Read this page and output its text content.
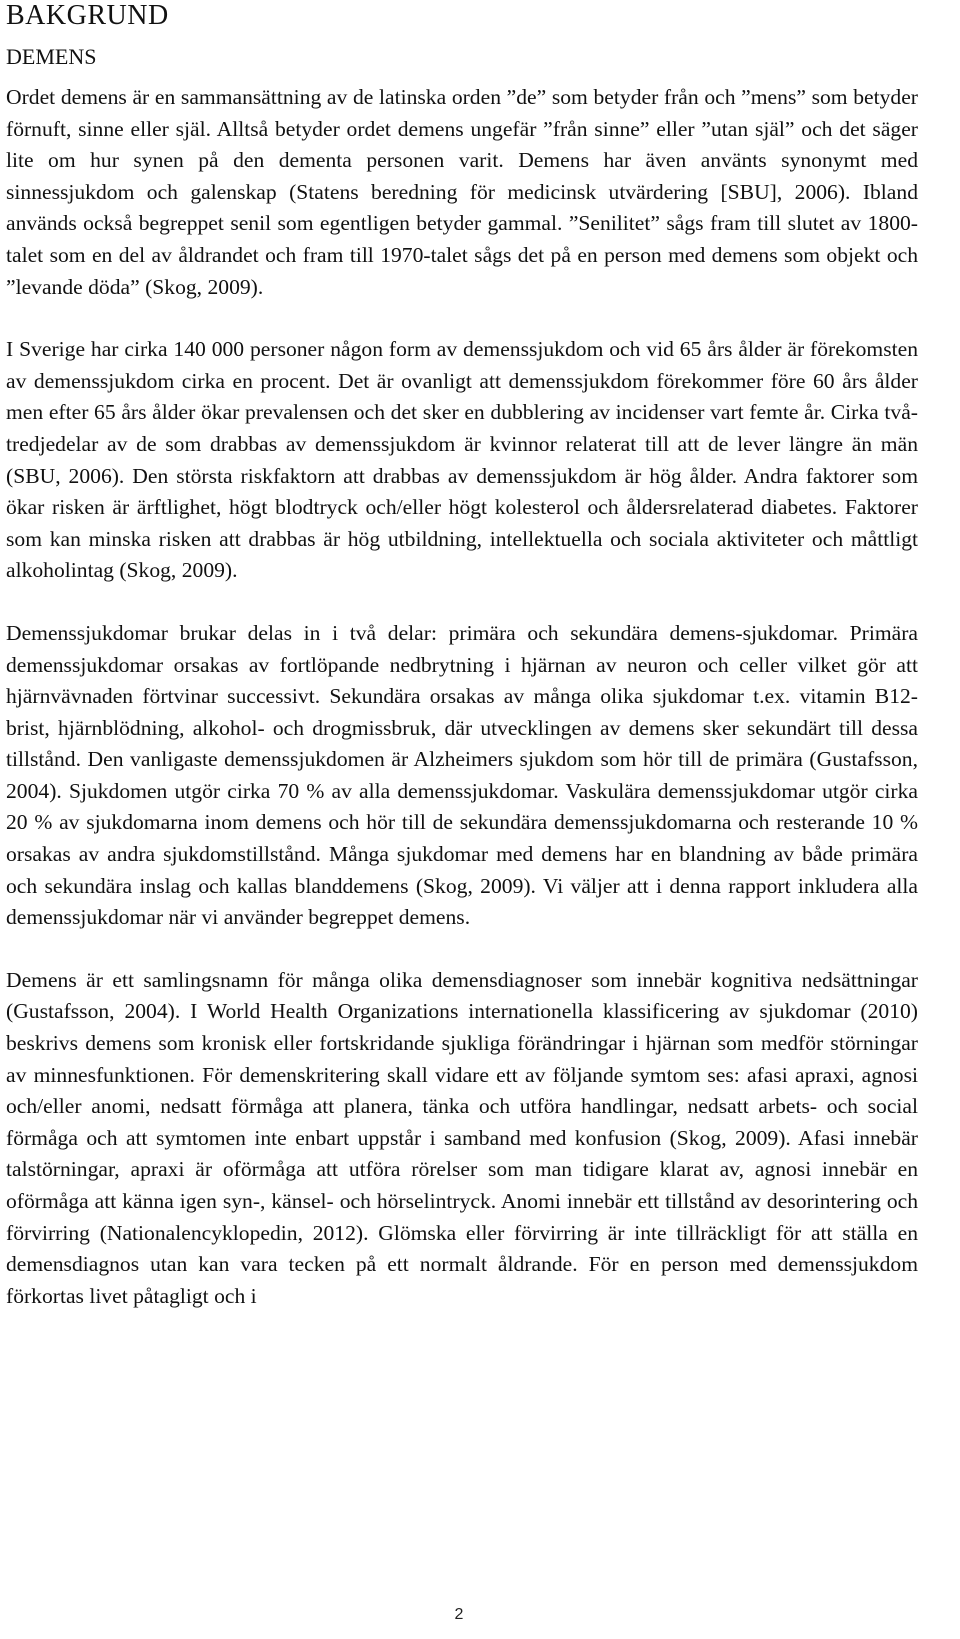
BAKGRUND
DEMENS

Ordet demens är en sammansättning av de latinska orden ”de” som betyder från och ”mens” som betyder förnuft, sinne eller själ. Alltså betyder ordet demens ungefär ”från sinne” eller ”utan själ” och det säger lite om hur synen på den dementa personen varit. Demens har även använts synonymt med sinnessjukdom och galenskap (Statens beredning för medicinsk utvärdering [SBU], 2006). Ibland används också begreppet senil som egentligen betyder gammal. ”Senilitet” sågs fram till slutet av 1800-talet som en del av åldrandet och fram till 1970-talet sågs det på en person med demens som objekt och ”levande döda” (Skog, 2009).

I Sverige har cirka 140 000 personer någon form av demenssjukdom och vid 65 års ålder är förekomsten av demenssjukdom cirka en procent. Det är ovanligt att demenssjukdom förekommer före 60 års ålder men efter 65 års ålder ökar prevalensen och det sker en dubblering av incidenser vart femte år. Cirka två-tredjedelar av de som drabbas av demenssjukdom är kvinnor relaterat till att de lever längre än män (SBU, 2006). Den största riskfaktorn att drabbas av demenssjukdom är hög ålder. Andra faktorer som ökar risken är ärftlighet, högt blodtryck och/eller högt kolesterol och åldersrelaterad diabetes. Faktorer som kan minska risken att drabbas är hög utbildning, intellektuella och sociala aktiviteter och måttligt alkoholintag (Skog, 2009).

Demenssjukdomar brukar delas in i två delar: primära och sekundära demens-sjukdomar. Primära demenssjukdomar orsakas av fortlöpande nedbrytning i hjärnan av neuron och celler vilket gör att hjärnvävnaden förtvinar successivt. Sekundära orsakas av många olika sjukdomar t.ex. vitamin B12-brist, hjärnblödning, alkohol- och drogmissbruk, där utvecklingen av demens sker sekundärt till dessa tillstånd. Den vanligaste demenssjukdomen är Alzheimers sjukdom som hör till de primära (Gustafsson, 2004). Sjukdomen utgör cirka 70 % av alla demenssjukdomar. Vaskulära demenssjukdomar utgör cirka 20 % av sjukdomarna inom demens och hör till de sekundära demenssjukdomarna och resterande 10 % orsakas av andra sjukdomstillstånd. Många sjukdomar med demens har en blandning av både primära och sekundära inslag och kallas blanddemens (Skog, 2009). Vi väljer att i denna rapport inkludera alla demenssjukdomar när vi använder begreppet demens.

Demens är ett samlingsnamn för många olika demensdiagnoser som innebär kognitiva nedsättningar (Gustafsson, 2004). I World Health Organizations internationella klassificering av sjukdomar (2010) beskrivs demens som kronisk eller fortskridande sjukliga förändringar i hjärnan som medför störningar av minnesfunktionen. För demenskritering skall vidare ett av följande symtom ses: afasi apraxi, agnosi och/eller anomi, nedsatt förmåga att planera, tänka och utföra handlingar, nedsatt arbets- och social förmåga och att symtomen inte enbart uppstår i samband med konfusion (Skog, 2009). Afasi innebär talstörningar, apraxi är oförmåga att utföra rörelser som man tidigare klarat av, agnosi innebär en oförmåga att känna igen syn-, känsel- och hörselintryck. Anomi innebär ett tillstånd av desorintering och förvirring (Nationalencyklopedin, 2012). Glömska eller förvirring är inte tillräckligt för att ställa en demensdiagnos utan kan vara tecken på ett normalt åldrande. För en person med demenssjukdom förkortas livet påtagligt och i

2
